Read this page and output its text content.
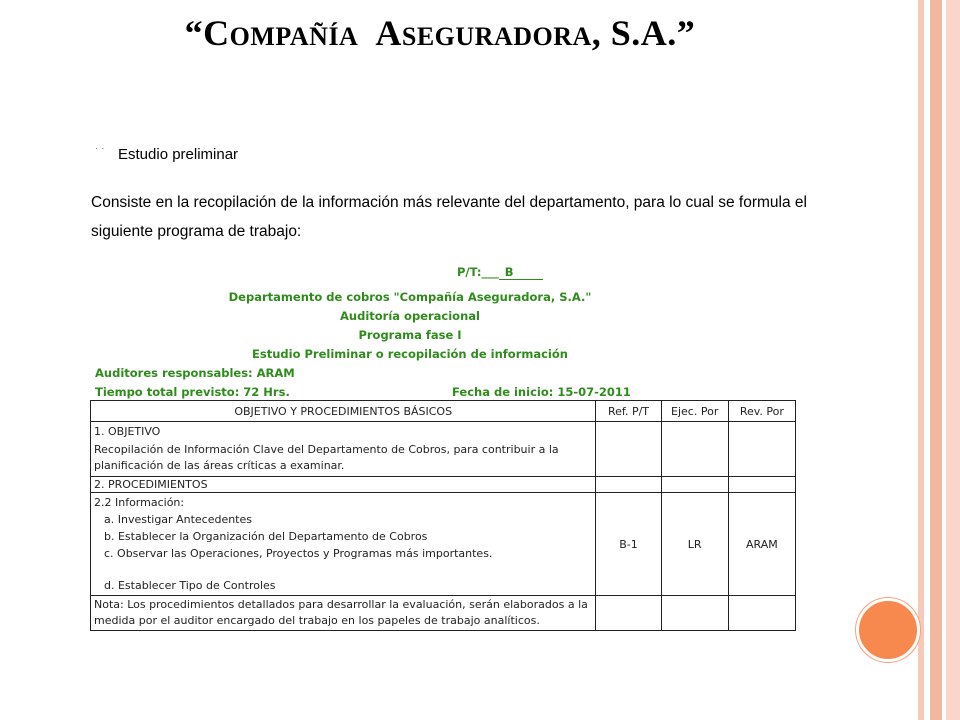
“COMPAÑÍA ASEGURADORA, S.A.”
· · Estudio preliminar
Consiste en la recopilación de la información más relevante del departamento, para lo cual se formula el siguiente programa de trabajo:
P/T:___ B
Departamento de cobros "Compañía Aseguradora, S.A."
Auditoría operacional
Programa fase I
Estudio Preliminar o recopilación de información
Auditores responsables: ARAM
Tiempo total previsto: 72 Hrs.	Fecha de inicio: 15-07-2011
OBJETIVO Y PROCEDIMIENTOS BÁSICOS	Ref. P/T	Ejec. Por	Rev. Por

1. OBJETIVO
Recopilación de Información Clave del Departamento de Cobros, para contribuir a la planificación de las áreas críticas a examinar.			

2. PROCEDIMIENTOS			

2.2 Información:
a. Investigar Antecedentes
b. Establecer la Organización del Departamento de Cobros
c. Observar las Operaciones, Proyectos y Programas más importantes.
d. Establecer Tipo de Controles	B-1	LR	ARAM
Nota: Los procedimientos detallados para desarrollar la evaluación, serán elaborados a la medida por el auditor encargado del trabajo en los papeles de trabajo analíticos.			
